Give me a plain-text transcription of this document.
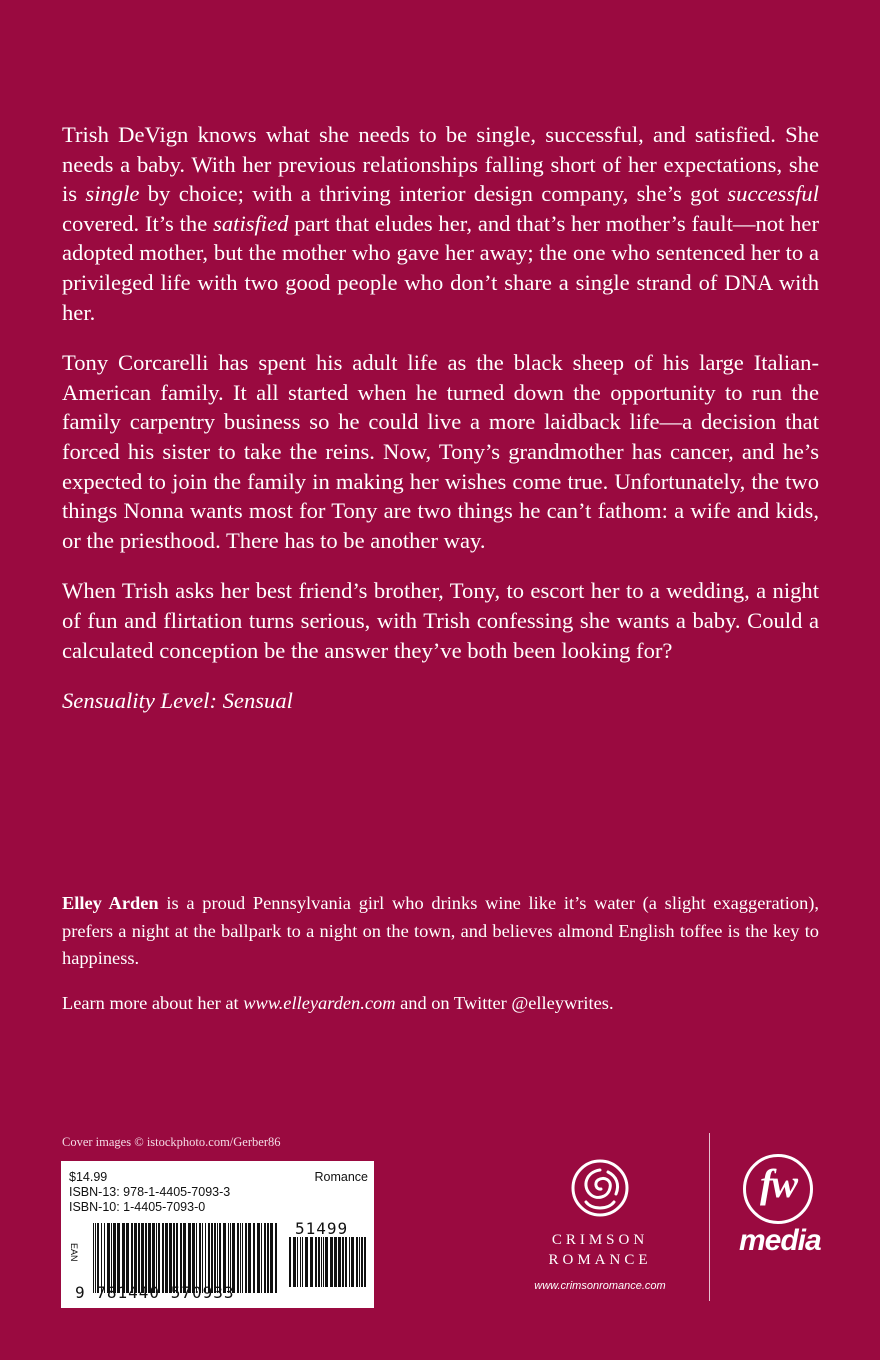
Trish DeVign knows what she needs to be single, successful, and satisfied. She needs a baby. With her previous relationships falling short of her expectations, she is single by choice; with a thriving interior design company, she’s got successful covered. It’s the satisfied part that eludes her, and that’s her mother’s fault—not her adopted mother, but the mother who gave her away; the one who sentenced her to a privileged life with two good people who don’t share a single strand of DNA with her.

Tony Corcarelli has spent his adult life as the black sheep of his large Italian-American family. It all started when he turned down the opportunity to run the family carpentry business so he could live a more laidback life—a decision that forced his sister to take the reins. Now, Tony’s grandmother has cancer, and he’s expected to join the family in making her wishes come true. Unfortunately, the two things Nonna wants most for Tony are two things he can’t fathom: a wife and kids, or the priesthood. There has to be another way.

When Trish asks her best friend’s brother, Tony, to escort her to a wedding, a night of fun and flirtation turns serious, with Trish confessing she wants a baby. Could a calculated conception be the answer they’ve both been looking for?

Sensuality Level: Sensual

Elley Arden is a proud Pennsylvania girl who drinks wine like it’s water (a slight exaggeration), prefers a night at the ballpark to a night on the town, and believes almond English toffee is the key to happiness.

Learn more about her at www.elleyarden.com and on Twitter @elleywrites.

Cover images © istockphoto.com/Gerber86
$14.99
ISBN-13: 978-1-4405-7093-3
ISBN-10: 1-4405-7093-0
Romance
EAN
9 781440 570933
51499
CRIMSON
ROMANCE
www.crimsonromance.com
fw
media
